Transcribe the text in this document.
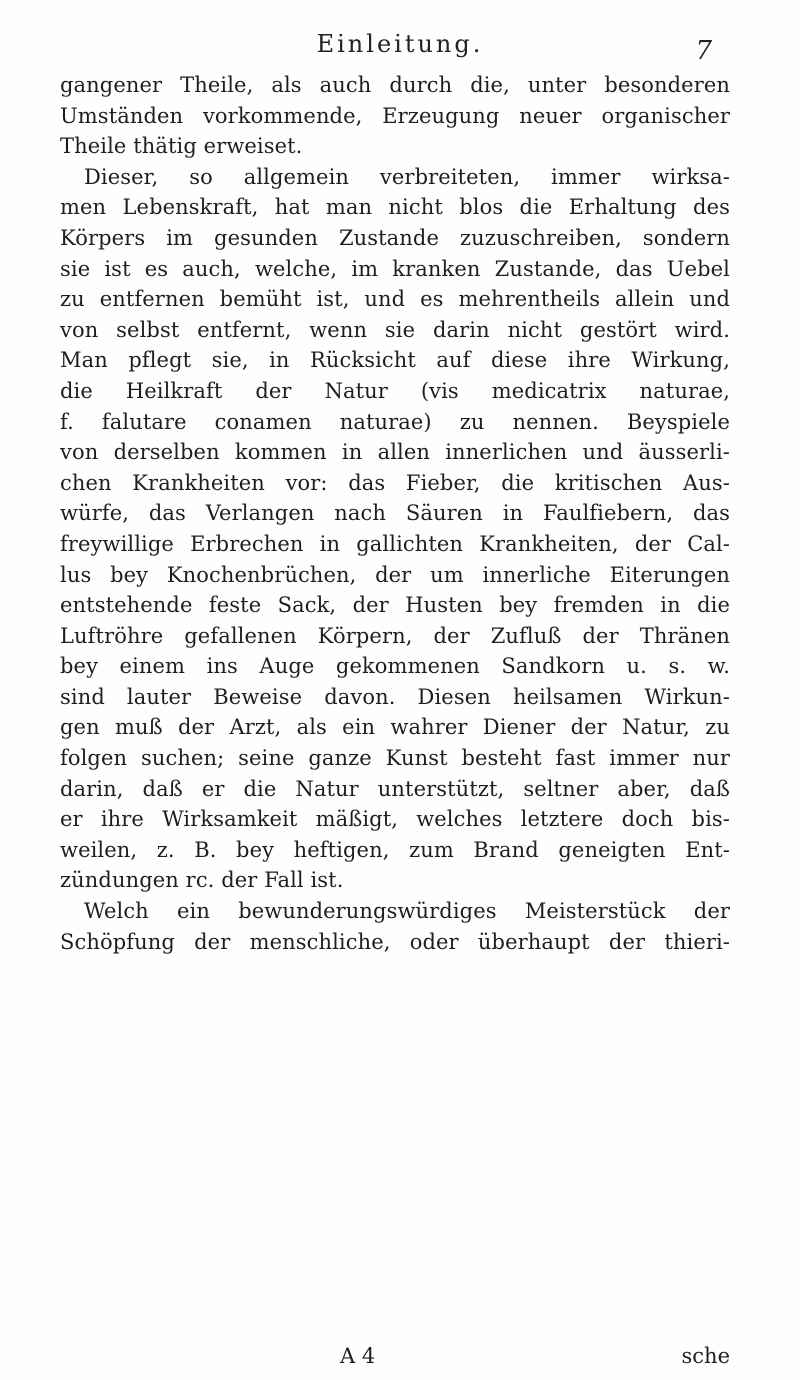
Einleitung.	7
gangener Theile, als auch durch die, unter besonderen
Umständen vorkommende, Erzeugung neuer organischer
Theile thätig erweiset.
Dieser, so allgemein verbreiteten, immer wirksa-
men Lebenskraft, hat man nicht blos die Erhaltung des
Körpers im gesunden Zustande zuzuschreiben, sondern
sie ist es auch, welche, im kranken Zustande, das Uebel
zu entfernen bemüht ist, und es mehrentheils allein und
von selbst entfernt, wenn sie darin nicht gestört wird.
Man pflegt sie, in Rücksicht auf diese ihre Wirkung,
die Heilkraft der Natur (vis medicatrix naturae,
f. falutare conamen naturae) zu nennen. Beyspiele
von derselben kommen in allen innerlichen und äusserli-
chen Krankheiten vor: das Fieber, die kritischen Aus-
würfe, das Verlangen nach Säuren in Faulfiebern, das
freywillige Erbrechen in gallichten Krankheiten, der Cal-
lus bey Knochenbrüchen, der um innerliche Eiterungen
entstehende feste Sack, der Husten bey fremden in die
Luftröhre gefallenen Körpern, der Zufluß der Thränen
bey einem ins Auge gekommenen Sandkorn u. s. w.
sind lauter Beweise davon. Diesen heilsamen Wirkun-
gen muß der Arzt, als ein wahrer Diener der Natur, zu
folgen suchen; seine ganze Kunst besteht fast immer nur
darin, daß er die Natur unterstützt, seltner aber, daß
er ihre Wirksamkeit mäßigt, welches letztere doch bis-
weilen, z. B. bey heftigen, zum Brand geneigten Ent-
zündungen rc. der Fall ist.
Welch ein bewunderungswürdiges Meisterstück der
Schöpfung der menschliche, oder überhaupt der thieri-
A 4	sche
